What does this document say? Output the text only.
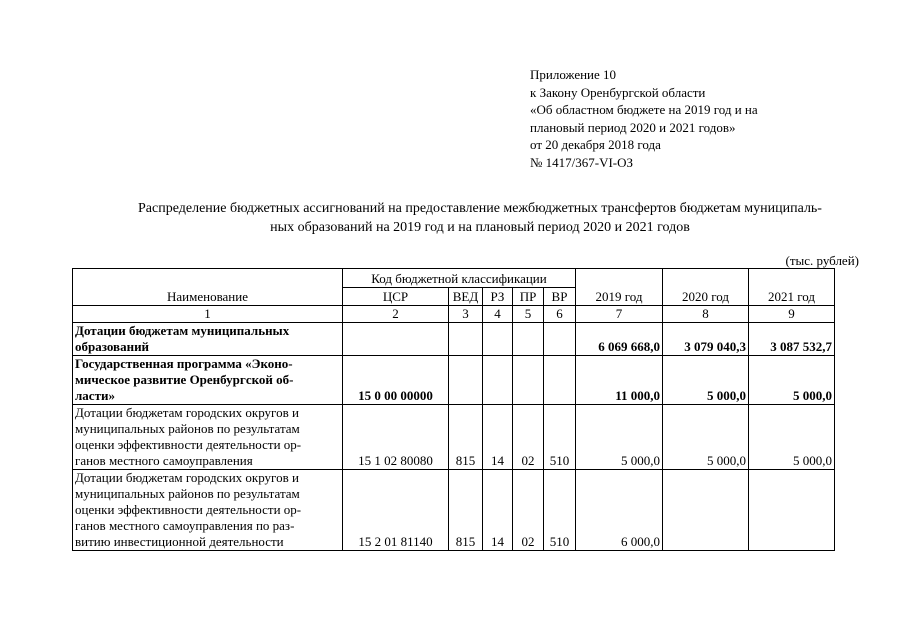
Приложение 10
к Закону Оренбургской области
«Об областном бюджете на 2019 год и на
плановый период 2020 и 2021 годов»
от 20 декабря 2018 года
№ 1417/367-VI-ОЗ
Распределение бюджетных ассигнований на предоставление межбюджетных трансфертов бюджетам муниципаль-
ных образований на 2019 год и на плановый период 2020 и 2021 годов
(тыс. рублей)
Наименование	Код бюджетной классификации					2019 год	2020 год	2021 год
	ЦСР	ВЕД	РЗ	ПР	ВР			
1	2	3	4	5	6	7	8	9

Дотации бюджетам муниципальных
образований						6 069 668,0	3 079 040,3	3 087 532,7

Государственная программа «Эконо-
мическое развитие Оренбургской об-
ласти»	15 0 00 00000					11 000,0	5 000,0	5 000,0

Дотации бюджетам городских округов и
муниципальных районов по результатам
оценки эффективности деятельности ор-
ганов местного самоуправления	15 1 02 80080	815	14	02	510	5 000,0	5 000,0	5 000,0

Дотации бюджетам городских округов и
муниципальных районов по результатам
оценки эффективности деятельности ор-
ганов местного самоуправления по раз-
витию инвестиционной деятельности	15 2 01 81140	815	14	02	510	6 000,0		
